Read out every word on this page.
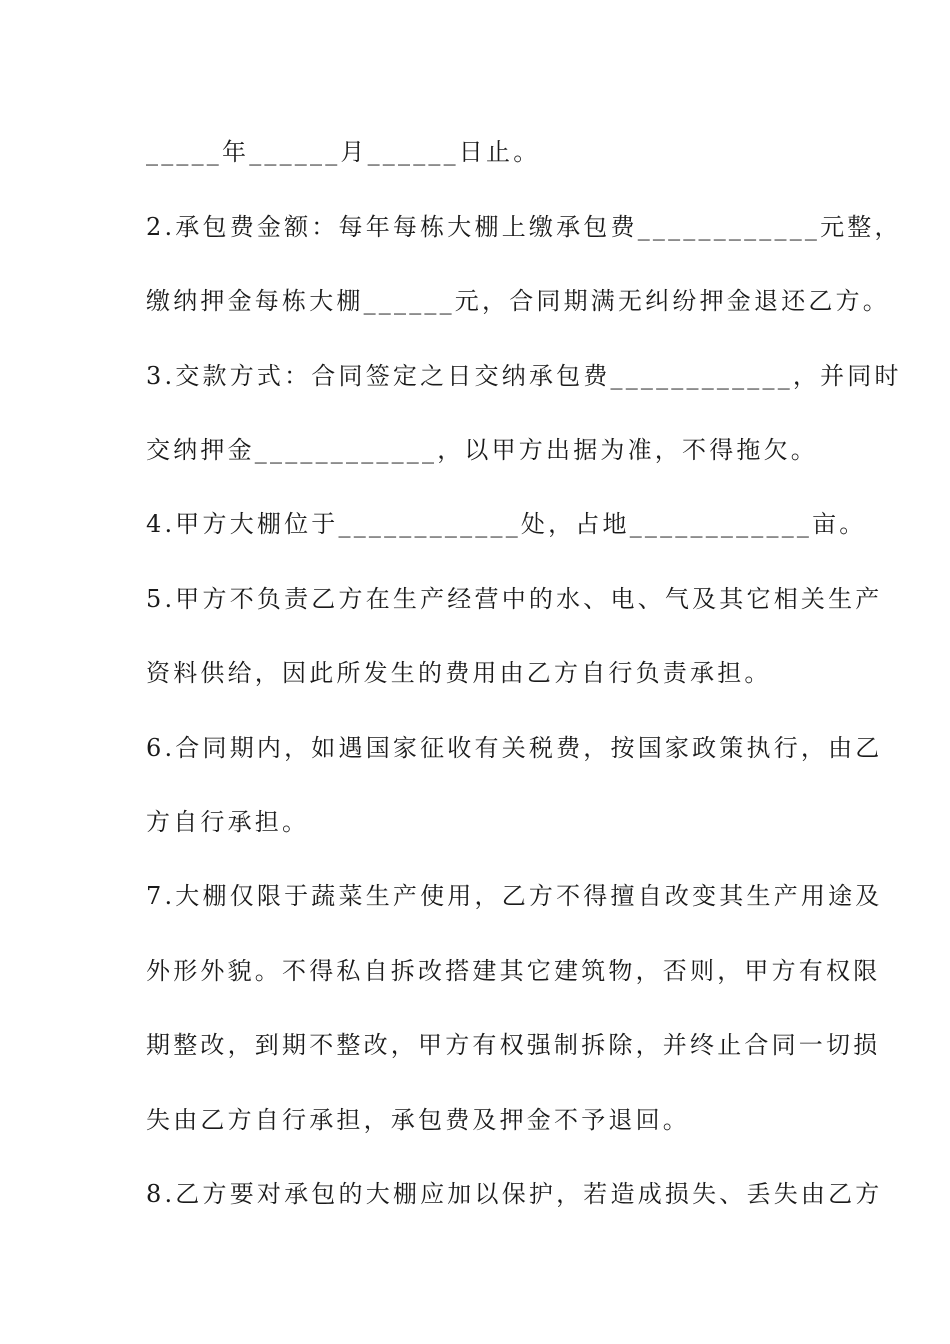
_____年______月______日止。
2.承包费金额：每年每栋大棚上缴承包费____________元整，
缴纳押金每栋大棚______元，合同期满无纠纷押金退还乙方。
3.交款方式：合同签定之日交纳承包费____________，并同时
交纳押金____________，以甲方出据为准，不得拖欠。
4.甲方大棚位于____________处，占地____________亩。
5.甲方不负责乙方在生产经营中的水、电、气及其它相关生产
资料供给，因此所发生的费用由乙方自行负责承担。
6.合同期内，如遇国家征收有关税费，按国家政策执行，由乙
方自行承担。
7.大棚仅限于蔬菜生产使用，乙方不得擅自改变其生产用途及
外形外貌。不得私自拆改搭建其它建筑物，否则，甲方有权限
期整改，到期不整改，甲方有权强制拆除，并终止合同一切损
失由乙方自行承担，承包费及押金不予退回。
8.乙方要对承包的大棚应加以保护，若造成损失、丢失由乙方
